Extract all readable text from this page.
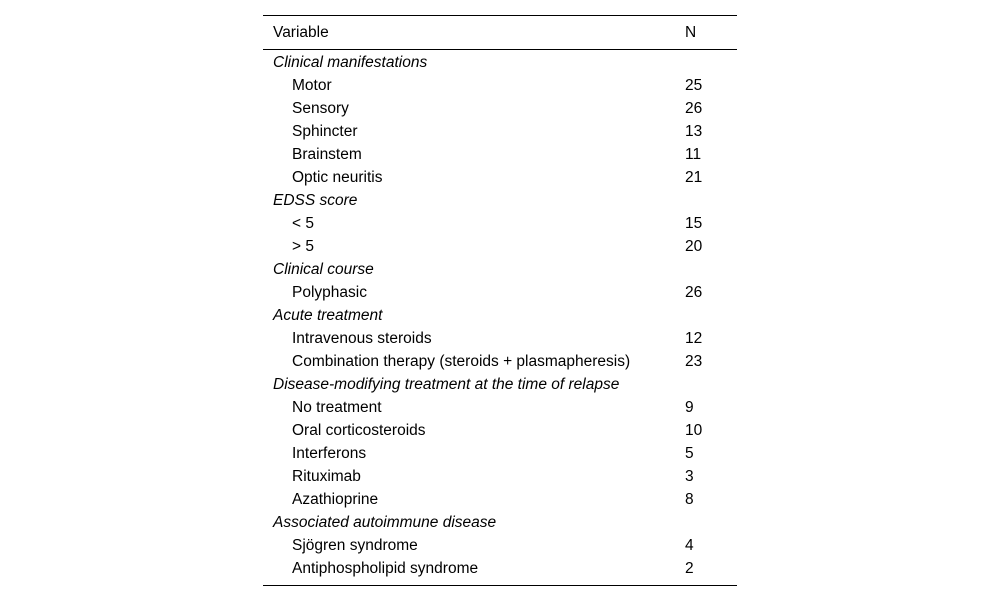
Variable	N
Clinical manifestations	
Motor	25
Sensory	26
Sphincter	13
Brainstem	11
Optic neuritis	21
EDSS score	
< 5	15
> 5	20
Clinical course	
Polyphasic	26
Acute treatment	
Intravenous steroids	12
Combination therapy (steroids + plasmapheresis)	23
Disease-modifying treatment at the time of relapse	
No treatment	9
Oral corticosteroids	10
Interferons	5
Rituximab	3
Azathioprine	8
Associated autoimmune disease	
Sjögren syndrome	4
Antiphospholipid syndrome	2
